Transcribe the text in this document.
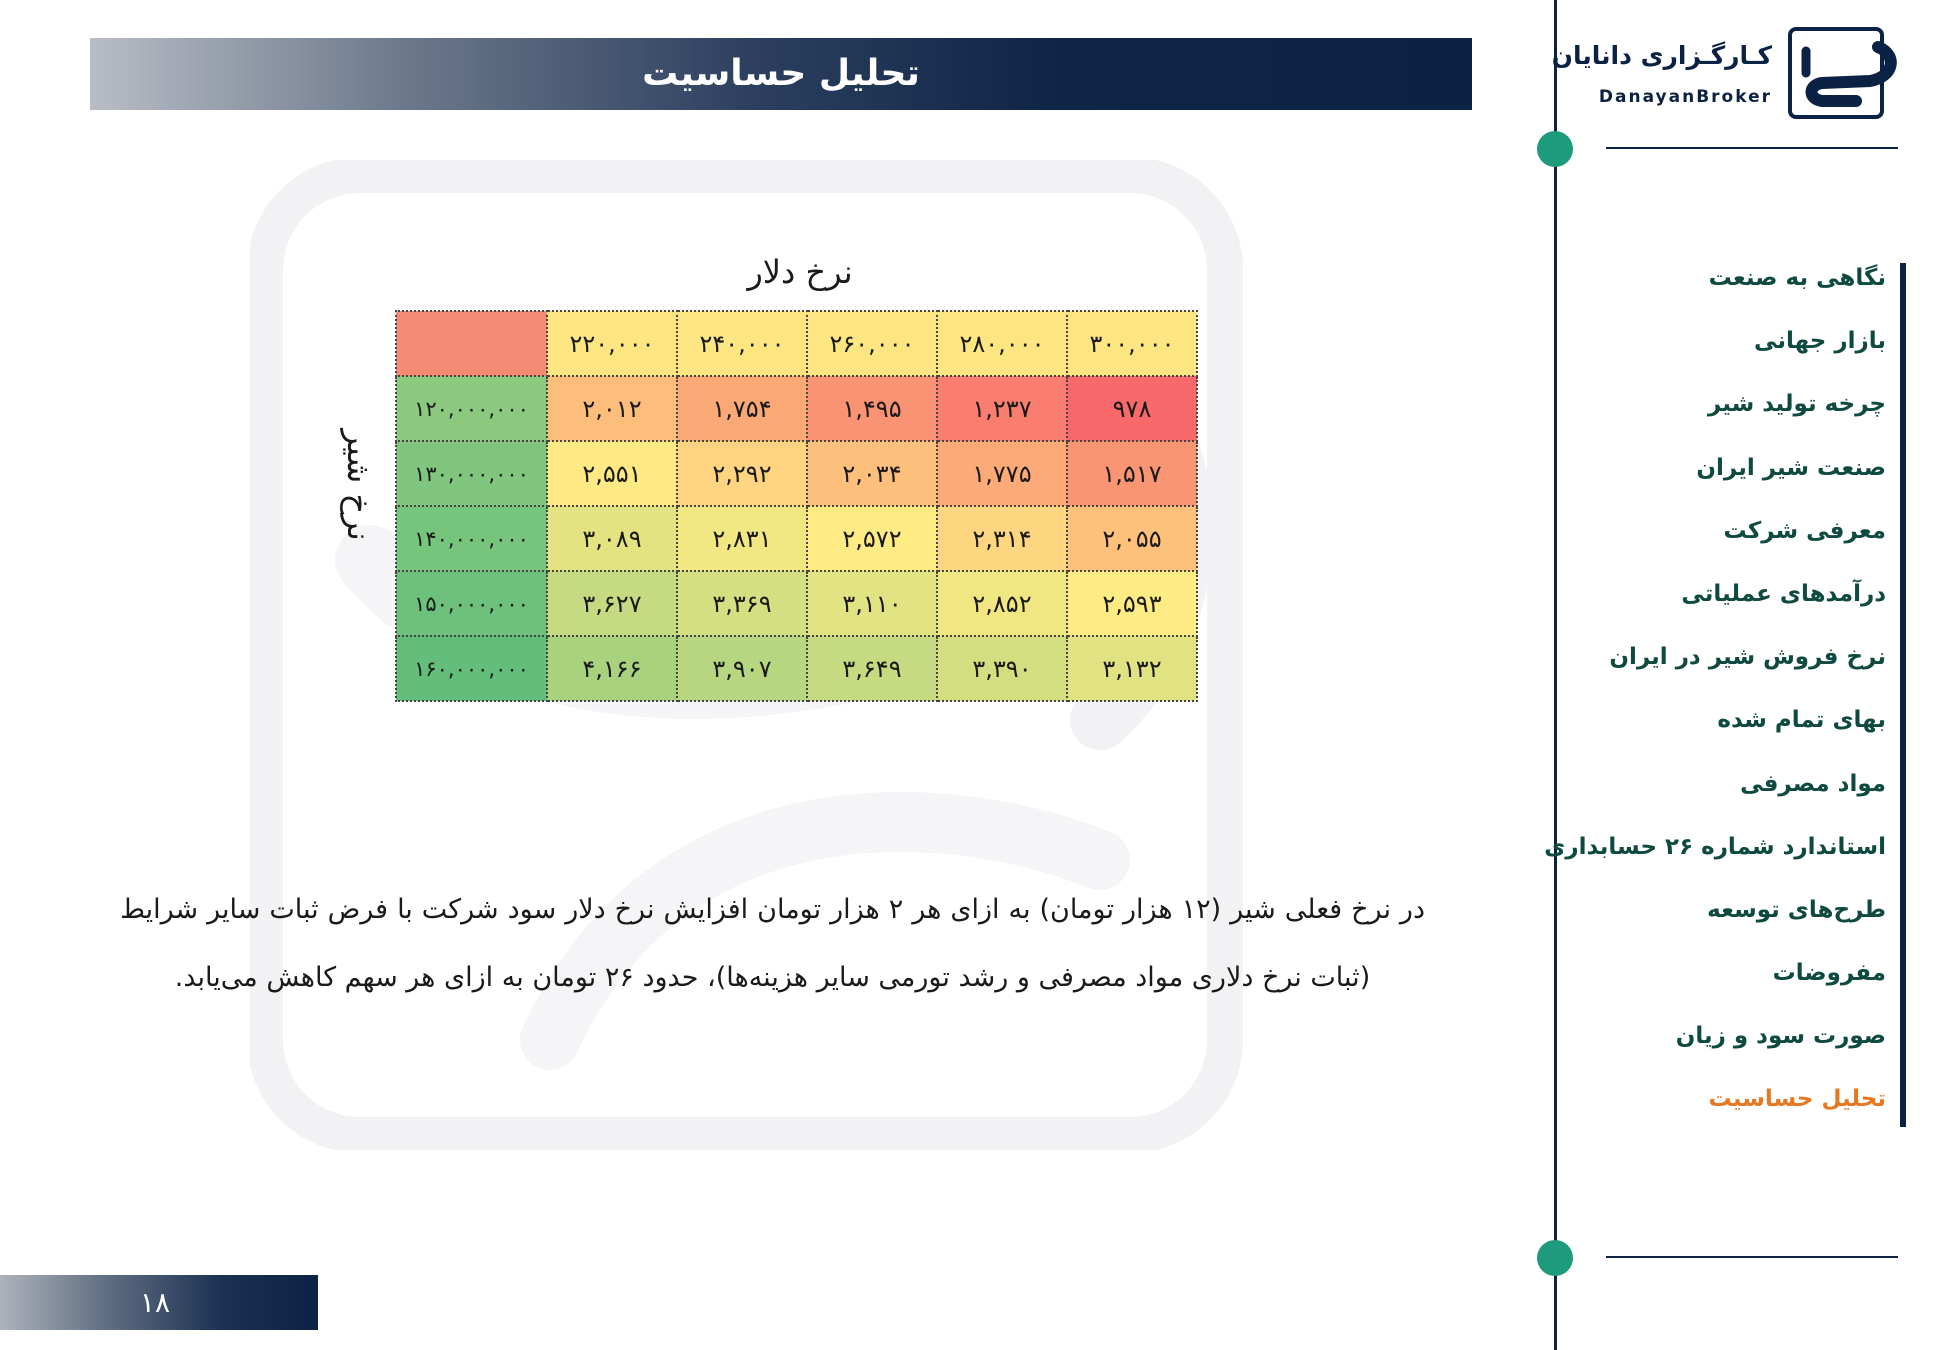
تحلیل حساسیت
نرخ دلار
نرخ شیر
	۲۲۰,۰۰۰	۲۴۰,۰۰۰	۲۶۰,۰۰۰	۲۸۰,۰۰۰	۳۰۰,۰۰۰
۱۲۰,۰۰۰,۰۰۰	۲,۰۱۲	۱,۷۵۴	۱,۴۹۵	۱,۲۳۷	۹۷۸
۱۳۰,۰۰۰,۰۰۰	۲,۵۵۱	۲,۲۹۲	۲,۰۳۴	۱,۷۷۵	۱,۵۱۷
۱۴۰,۰۰۰,۰۰۰	۳,۰۸۹	۲,۸۳۱	۲,۵۷۲	۲,۳۱۴	۲,۰۵۵
۱۵۰,۰۰۰,۰۰۰	۳,۶۲۷	۳,۳۶۹	۳,۱۱۰	۲,۸۵۲	۲,۵۹۳
۱۶۰,۰۰۰,۰۰۰	۴,۱۶۶	۳,۹۰۷	۳,۶۴۹	۳,۳۹۰	۳,۱۳۲
در نرخ فعلی شیر (۱۲ هزار تومان) به ازای هر ۲ هزار تومان افزایش نرخ دلار سود شرکت با فرض ثبات سایر شرایط (ثبات نرخ دلاری مواد مصرفی و رشد تورمی سایر هزینه‌ها)، حدود ۲۶ تومان به ازای هر سهم کاهش می‌یابد.
۱۸
کـارگـزاری دانایان
DanayanBroker
نگاهی به صنعت
بازار جهانی
چرخه تولید شیر
صنعت شیر ایران
معرفی شرکت
درآمدهای عملیاتی
نرخ فروش شیر در ایران
بهای تمام شده
مواد مصرفی
استاندارد شماره ۲۶ حسابداری
طرح‌های توسعه
مفروضات
صورت سود و زیان
تحلیل حساسیت
